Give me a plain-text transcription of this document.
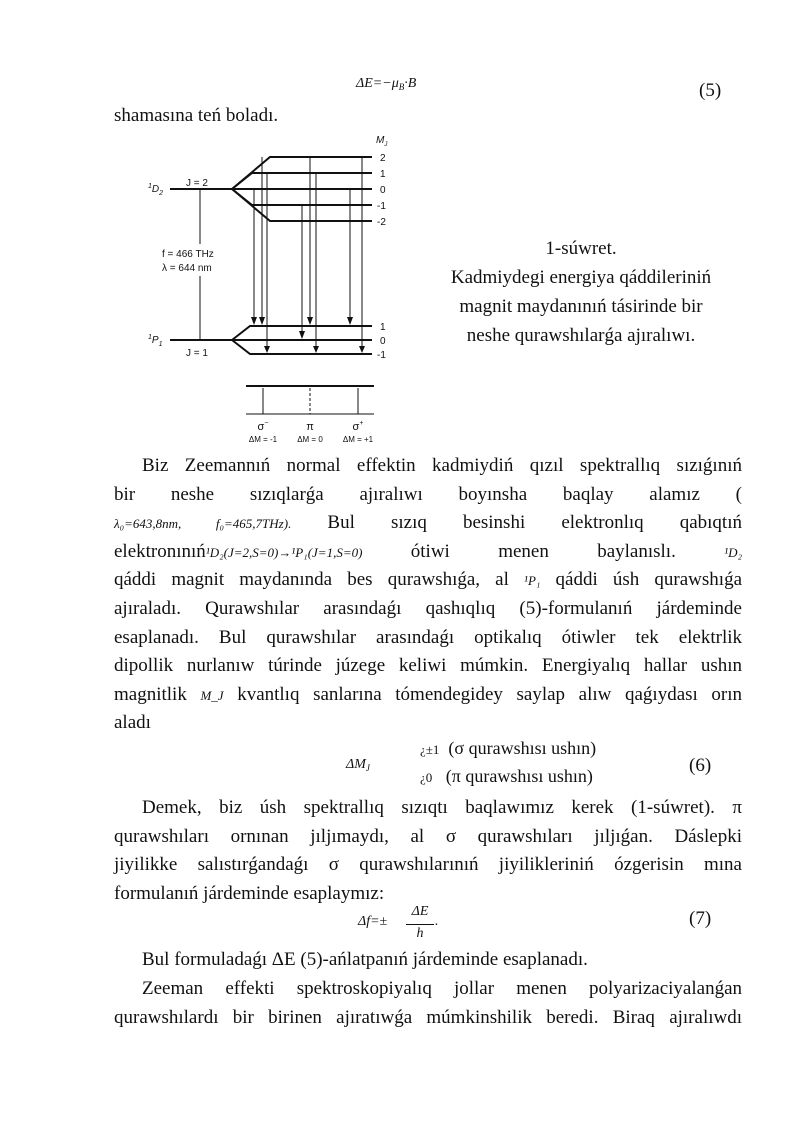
$\Delta E=-\mu_B\cdot B$	(5)
shamasına teń boladı.
$M_J$
$^1D_2$
J = 2
$^1P_1$
J = 1
f = 466 THz
λ = 644 nm
2
1
0
-1
-2
1
0
-1
σ−	π	σ+
ΔM = -1	ΔM = 0	ΔM = +1
1-súwret.
Kadmiydegi energiya qáddileriniń
magnit maydanınıń tásirinde bir
neshe qurawshılarǵa ajıralıwı.
Biz Zeemannıń normal effektin kadmiydiń qızıl spektrallıq sızıǵınıń
bir neshe sızıqlarǵa ajıralıwı boyınsha baqlay alamız (
λ₀=643,8nm, f₀=465,7THz). Bul sızıq besinshi elektronlıq qabıqtıń
elektronınıń¹D₂(J=2,S=0)→¹P₁(J=1,S=0)	ótiwi menen baylanıslı.	¹D₂
qáddi magnit maydanında bes qurawshıǵa, al ¹P₁ qáddi úsh qurawshıǵa
ajıraladı. Qurawshılar arasındaǵı qashıqlıq (5)-formulanıń járdeminde
esaplanadı. Bul qurawshılar arasındaǵı optikalıq ótiwler tek elektrlik
dipollik nurlanıw túrinde júzege keliwi múmkin. Energiyalıq hallar ushın
magnitlik M_J kvantlıq sanlarına tómendegidey saylap alıw qaǵıydası orın
aladı
$\Delta M_J$
¿±1 (σ qurawshısı ushın)
¿0 (π qurawshısı ushın)	(6)
Demek, biz úsh spektrallıq sızıqtı baqlawımız kerek (1-súwret). π
qurawshıları ornınan jıljımaydı, al σ qurawshıları jıljıǵan. Dáslepki
jiyilikke salıstırǵandaǵı σ qurawshılarınıń jiyilikleriniń ózgerisin mına
formulanıń járdeminde esaplaymız:
Δf=±
ΔE
h
.	(7)
Bul formuladaǵı ΔE (5)-ańlatpanıń járdeminde esaplanadı.
Zeeman effekti spektroskopiyalıq jollar menen polyarizaciyalanǵan
qurawshılardı bir birinen ajıratıwǵa múmkinshilik beredi. Biraq ajıralıwdı
